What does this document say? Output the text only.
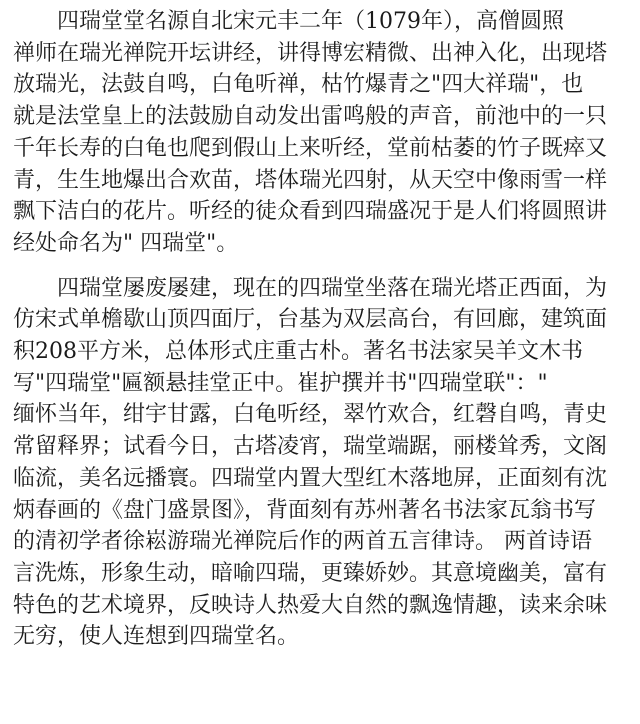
　　四瑞堂堂名源自北宋元丰二年（1079年），高僧圆照
禅师在瑞光禅院开坛讲经，讲得博宏精微、出神入化，出现塔
放瑞光，法鼓自鸣，白龟听禅，枯竹爆青之"四大祥瑞"，也
就是法堂皇上的法鼓励自动发出雷鸣般的声音，前池中的一只
千年长寿的白龟也爬到假山上来听经，堂前枯萎的竹子既瘁又
青，生生地爆出合欢苗，塔体瑞光四射，从天空中像雨雪一样
飘下洁白的花片。听经的徒众看到四瑞盛况于是人们将圆照讲
经处命名为" 四瑞堂"。
　　四瑞堂屡废屡建，现在的四瑞堂坐落在瑞光塔正西面，为
仿宋式单檐歇山顶四面厅，台基为双层高台，有回廊，建筑面
积208平方米，总体形式庄重古朴。著名书法家吴羊文木书
写"四瑞堂"匾额悬挂堂正中。崔护撰并书"四瑞堂联"："
缅怀当年，绀宇甘露，白龟听经，翠竹欢合，红磬自鸣，青史
常留释界；试看今日，古塔凌宵，瑞堂端踞，丽楼耸秀，文阁
临流，美名远播寰。四瑞堂内置大型红木落地屏，正面刻有沈
炳春画的《盘门盛景图》，背面刻有苏州著名书法家瓦翁书写
的清初学者徐崧游瑞光禅院后作的两首五言律诗。 两首诗语
言洗炼，形象生动，暗喻四瑞，更臻娇妙。其意境幽美，富有
特色的艺术境界，反映诗人热爱大自然的飘逸情趣，读来余味
无穷，使人连想到四瑞堂名。
